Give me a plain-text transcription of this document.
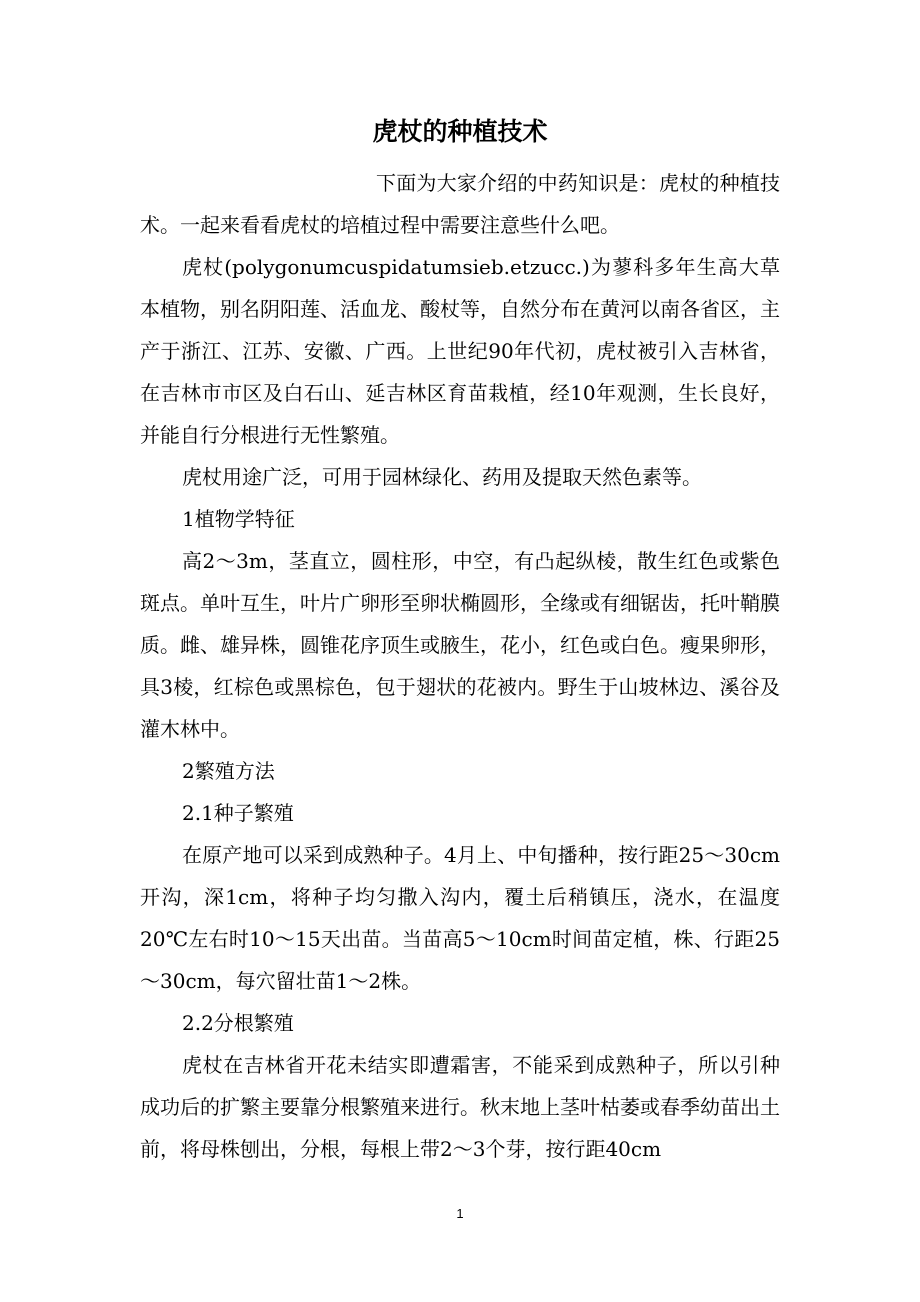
虎杖的种植技术

下面为大家介绍的中药知识是：虎杖的种植技术。一起来看看虎杖的培植过程中需要注意些什么吧。

虎杖(polygonumcuspidatumsieb.etzucc.)为蓼科多年生高大草本植物，别名阴阳莲、活血龙、酸杖等，自然分布在黄河以南各省区，主产于浙江、江苏、安徽、广西。上世纪90年代初，虎杖被引入吉林省，在吉林市市区及白石山、延吉林区育苗栽植，经10年观测，生长良好，并能自行分根进行无性繁殖。

虎杖用途广泛，可用于园林绿化、药用及提取天然色素等。

1植物学特征

高2～3m，茎直立，圆柱形，中空，有凸起纵棱，散生红色或紫色斑点。单叶互生，叶片广卵形至卵状椭圆形，全缘或有细锯齿，托叶鞘膜质。雌、雄异株，圆锥花序顶生或腋生，花小，红色或白色。瘦果卵形，具3棱，红棕色或黑棕色，包于翅状的花被内。野生于山坡林边、溪谷及灌木林中。

2繁殖方法

2.1种子繁殖

在原产地可以采到成熟种子。4月上、中旬播种，按行距25～30cm开沟，深1cm，将种子均匀撒入沟内，覆土后稍镇压，浇水，在温度20℃左右时10～15天出苗。当苗高5～10cm时间苗定植，株、行距25～30cm，每穴留壮苗1～2株。

2.2分根繁殖

虎杖在吉林省开花未结实即遭霜害，不能采到成熟种子，所以引种成功后的扩繁主要靠分根繁殖来进行。秋末地上茎叶枯萎或春季幼苗出土前，将母株刨出，分根，每根上带2～3个芽，按行距40cm

1
